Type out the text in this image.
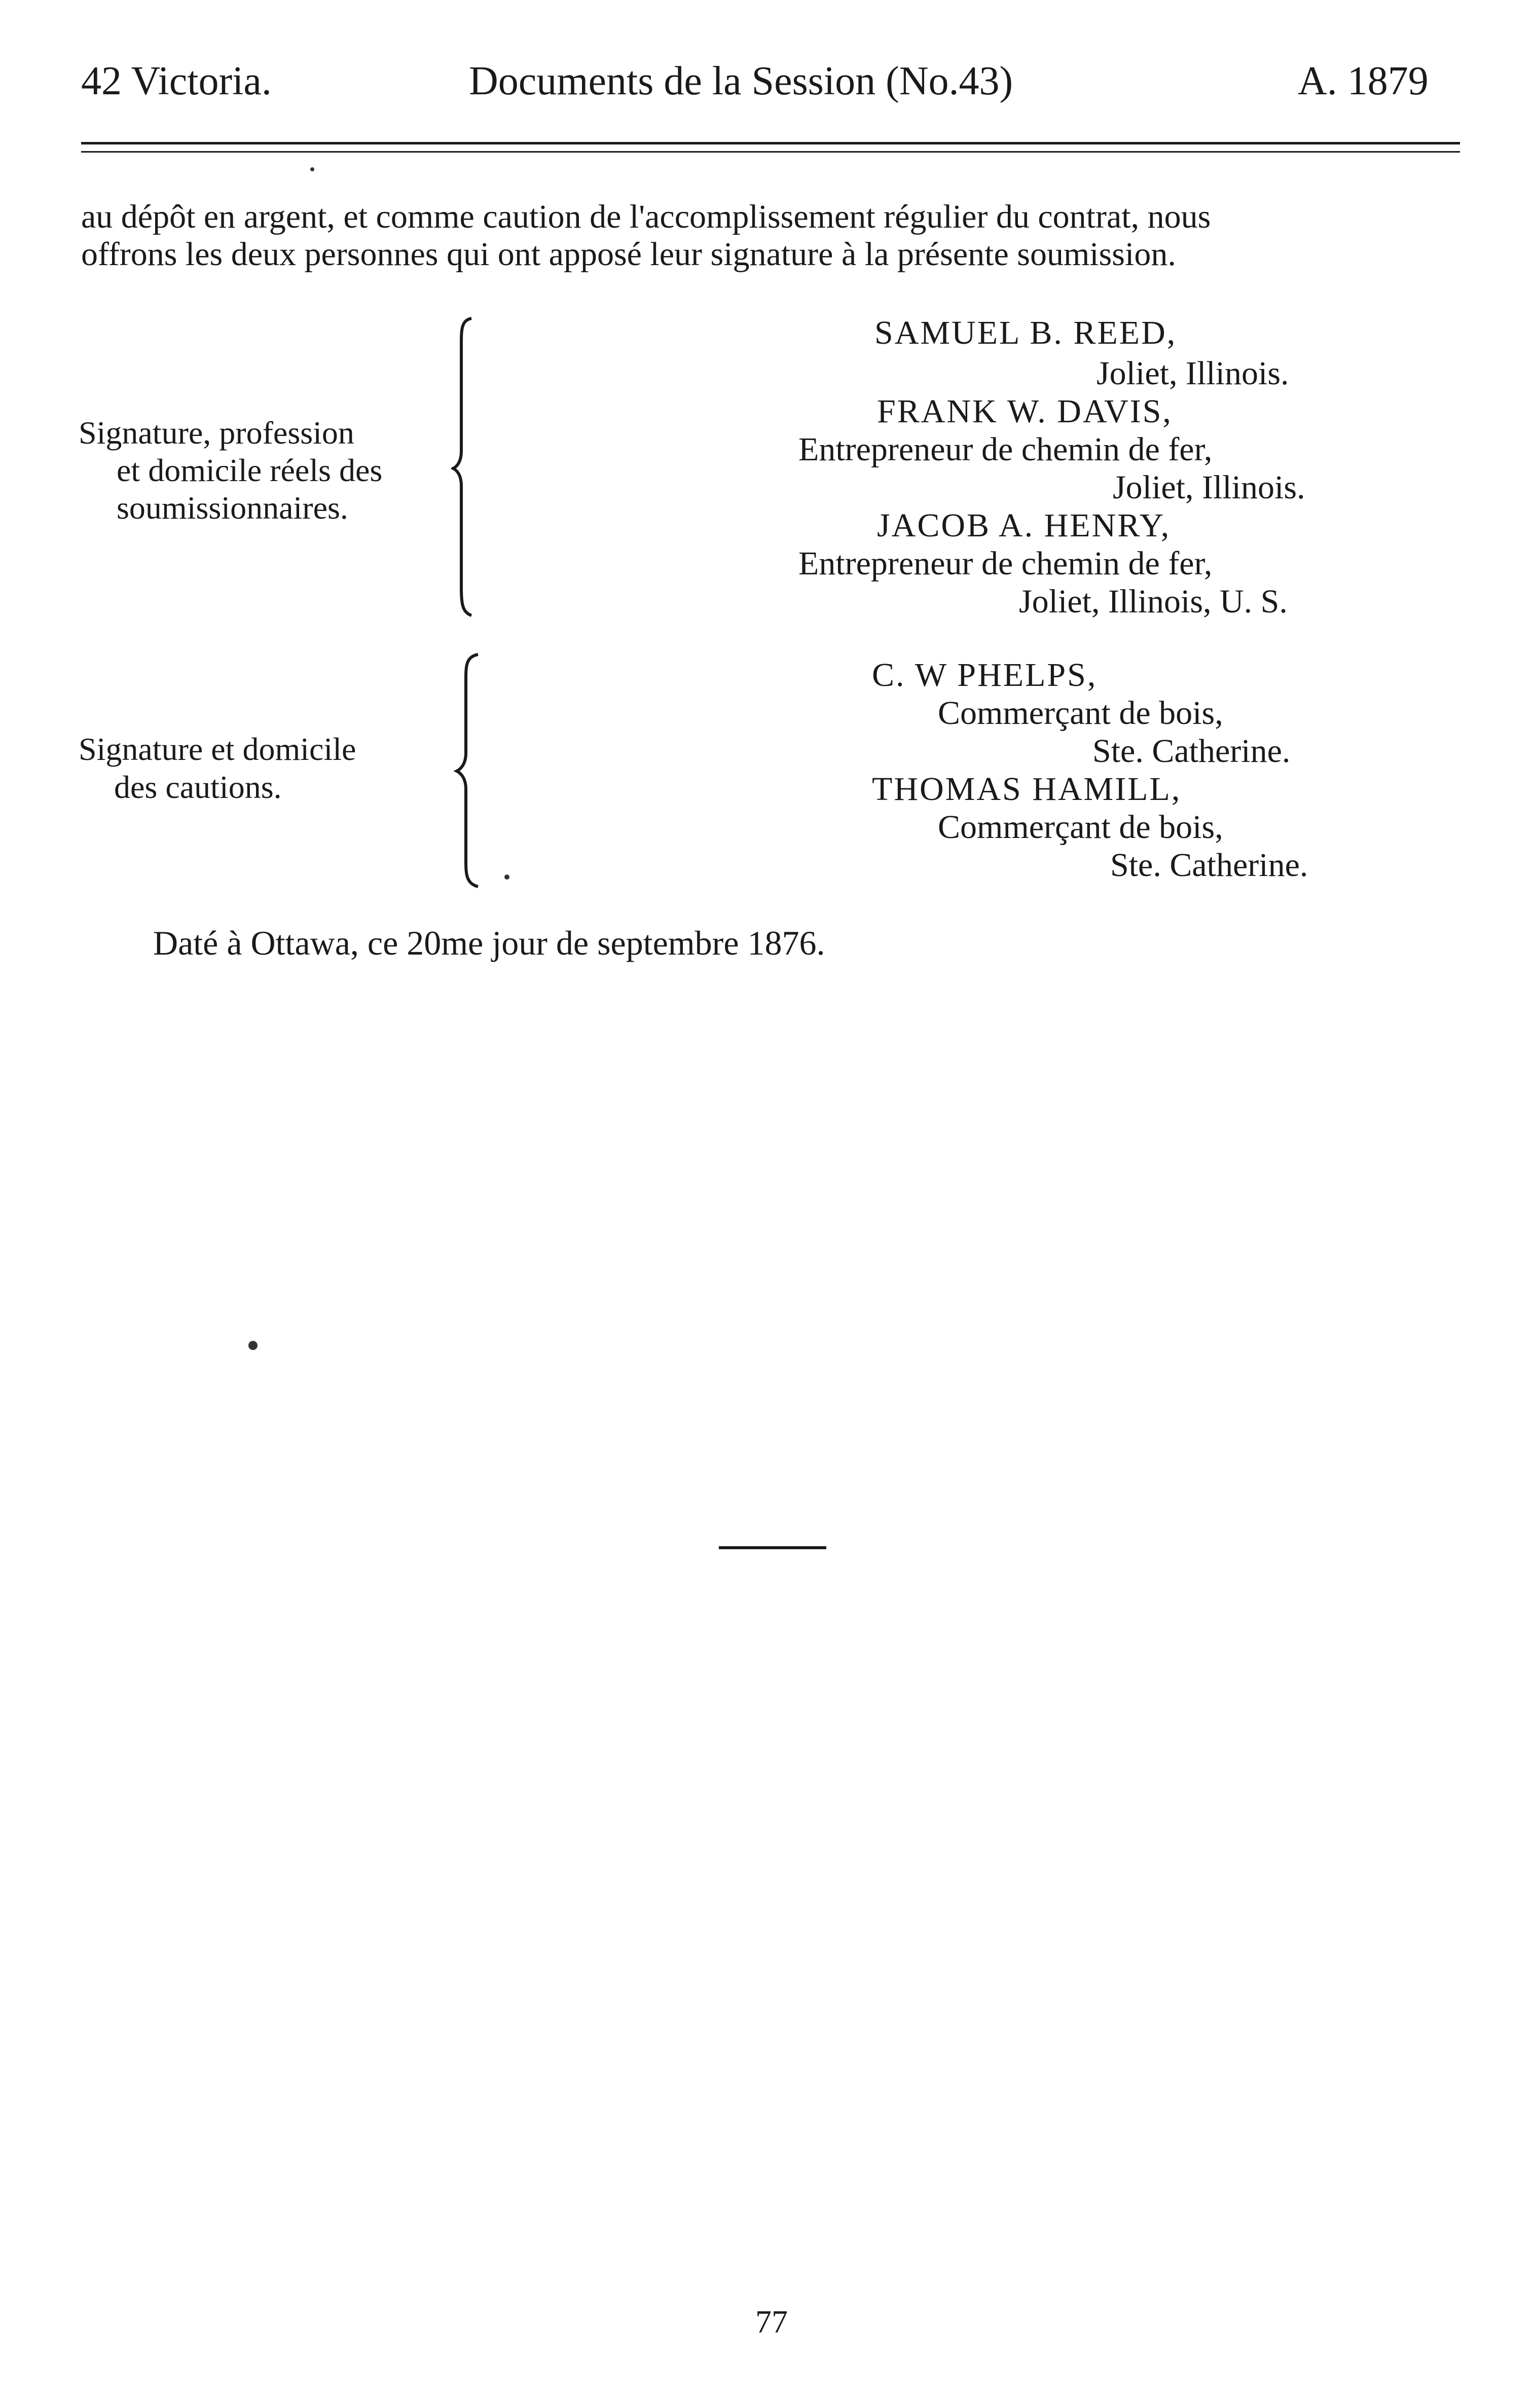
42 Victoria.	Documents de la Session (No.43)	A. 1879
au dépôt en argent, et comme caution de l'accomplissement régulier du contrat, nous
offrons les deux personnes qui ont apposé leur signature à la présente soumission.
Signature, profession
et domicile réels des
soumissionnaires.
SAMUEL B. REED,
Joliet, Illinois.
FRANK W. DAVIS,
Entrepreneur de chemin de fer,
Joliet, Illinois.
JACOB A. HENRY,
Entrepreneur de chemin de fer,
Joliet, Illinois, U. S.
Signature et domicile
des cautions.
C. W PHELPS,
Commerçant de bois,
Ste. Catherine.
THOMAS HAMILL,
Commerçant de bois,
Ste. Catherine.
Daté à Ottawa, ce 20me jour de septembre 1876.
77
